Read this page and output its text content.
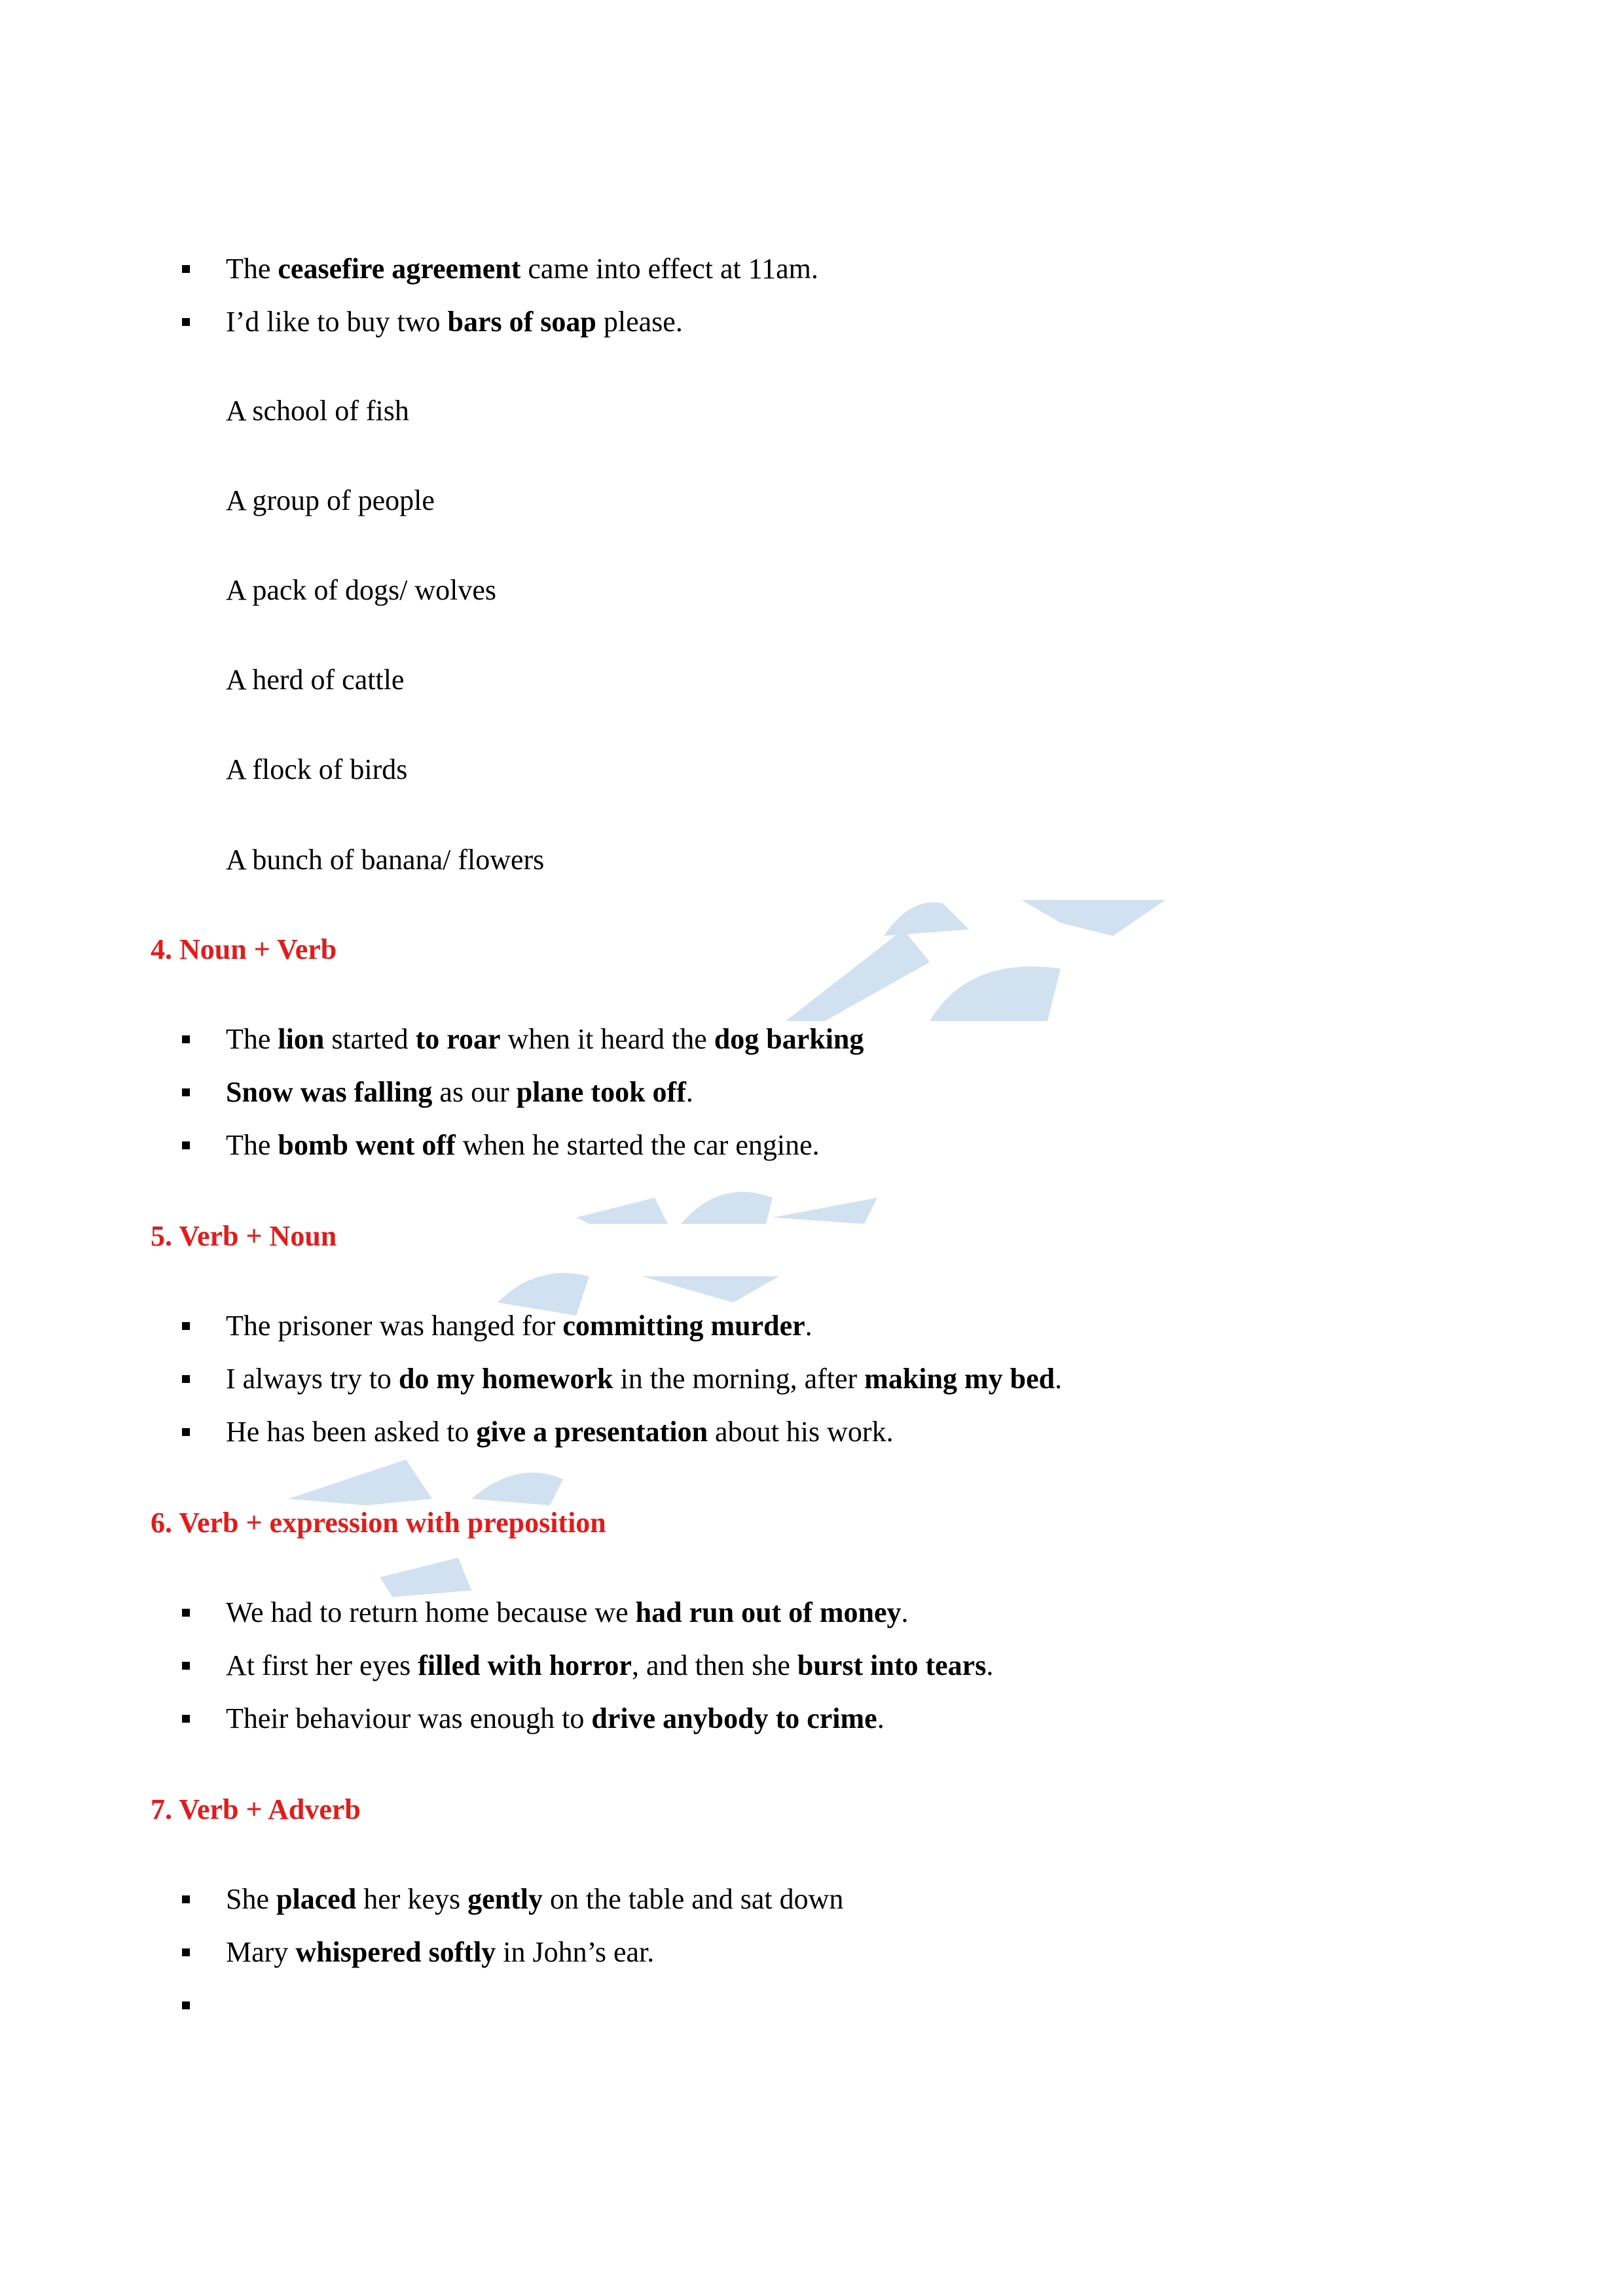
The ceasefire agreement came into effect at 11am.
I’d like to buy two bars of soap please.
A school of fish
A group of people
A pack of dogs/ wolves
A herd of cattle
A flock of birds
A bunch of banana/ flowers
4. Noun + Verb
The lion started to roar when it heard the dog barking
Snow was falling as our plane took off.
The bomb went off when he started the car engine.
5. Verb + Noun
The prisoner was hanged for committing murder.
I always try to do my homework in the morning, after making my bed.
He has been asked to give a presentation about his work.
6. Verb + expression with preposition
We had to return home because we had run out of money.
At first her eyes filled with horror, and then she burst into tears.
Their behaviour was enough to drive anybody to crime.
7. Verb + Adverb
She placed her keys gently on the table and sat down
Mary whispered softly in John’s ear.
